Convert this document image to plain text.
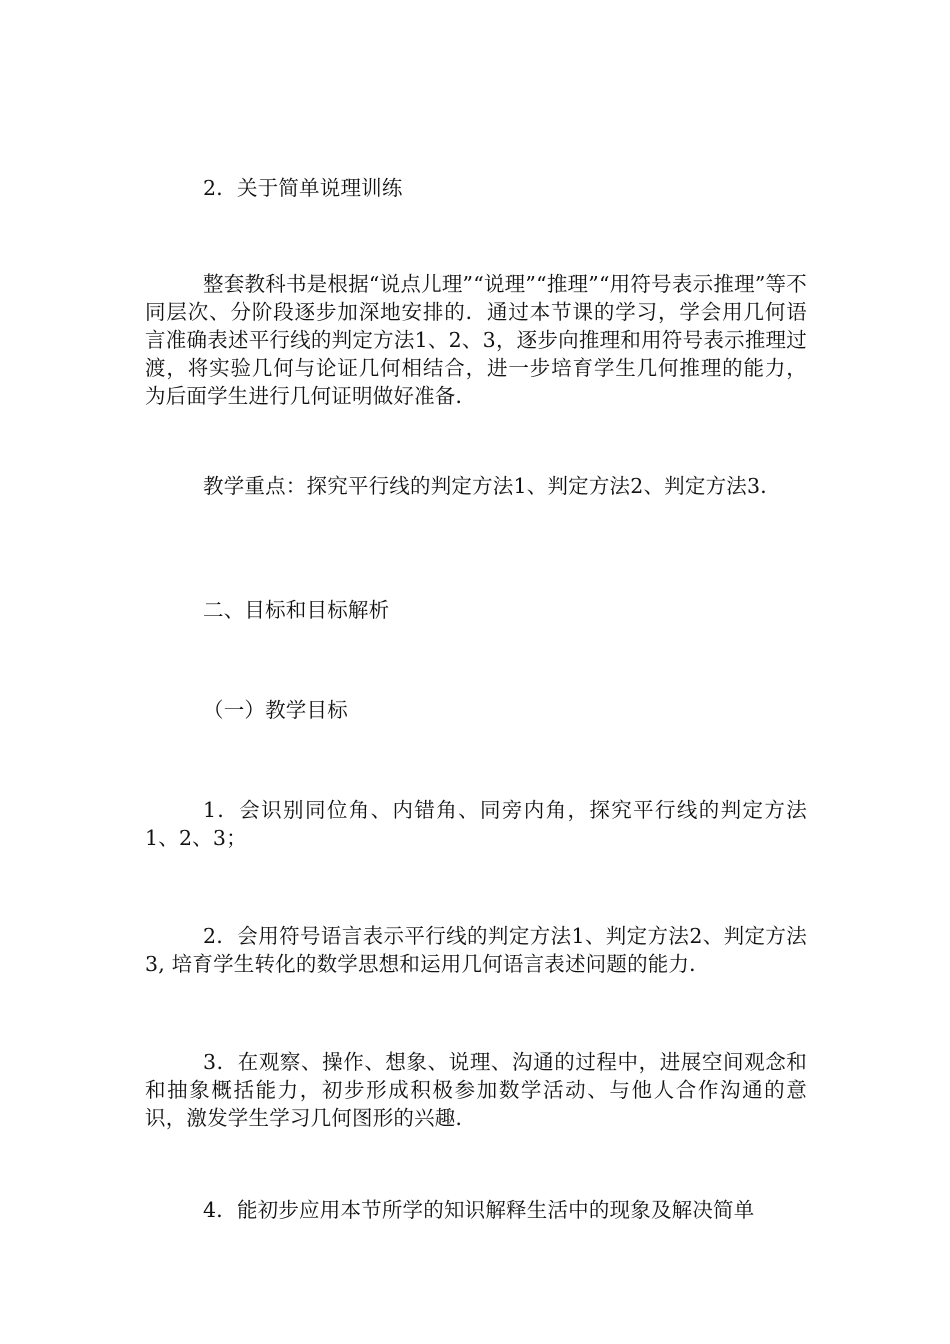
2．关于简单说理训练

整套教科书是根据“说点儿理”“说理”“推理”“用符号表示推理”等不同层次、分阶段逐步加深地安排的．通过本节课的学习，学会用几何语言准确表述平行线的判定方法1、2、3，逐步向推理和用符号表示推理过渡，将实验几何与论证几何相结合，进一步培育学生几何推理的能力，为后面学生进行几何证明做好准备．

教学重点：探究平行线的判定方法1、判定方法2、判定方法3．

二、目标和目标解析

（一）教学目标

1．会识别同位角、内错角、同旁内角，探究平行线的判定方法1、2、3；

2．会用符号语言表示平行线的判定方法1、判定方法2、判定方法3, 培育学生转化的数学思想和运用几何语言表述问题的能力．

3．在观察、操作、想象、说理、沟通的过程中，进展空间观念和和抽象概括能力，初步形成积极参加数学活动、与他人合作沟通的意识，激发学生学习几何图形的兴趣．

4．能初步应用本节所学的知识解释生活中的现象及解决简单
